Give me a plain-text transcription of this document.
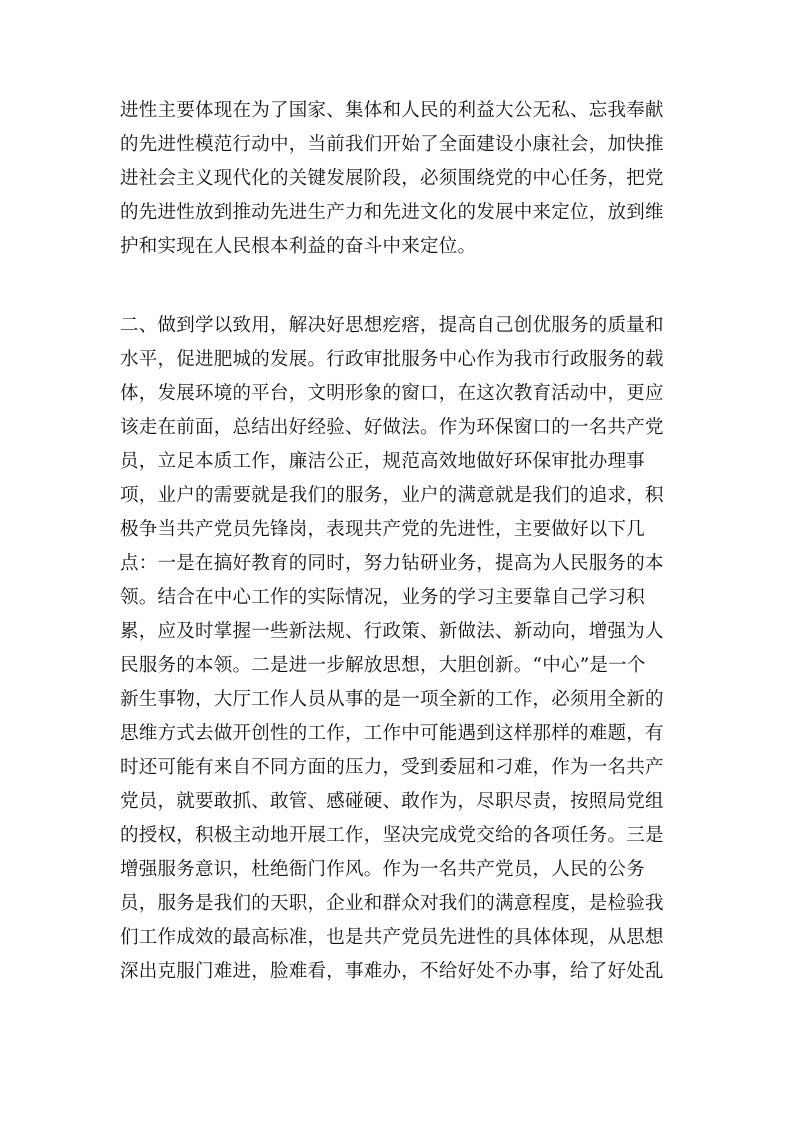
进性主要体现在为了国家、集体和人民的利益大公无私、忘我奉献
的先进性模范行动中，当前我们开始了全面建设小康社会，加快推
进社会主义现代化的关键发展阶段，必须围绕党的中心任务，把党
的先进性放到推动先进生产力和先进文化的发展中来定位，放到维
护和实现在人民根本利益的奋斗中来定位。
二、做到学以致用，解决好思想疙瘩，提高自己创优服务的质量和
水平，促进肥城的发展。行政审批服务中心作为我市行政服务的载
体，发展环境的平台，文明形象的窗口，在这次教育活动中，更应
该走在前面，总结出好经验、好做法。作为环保窗口的一名共产党
员，立足本质工作，廉洁公正，规范高效地做好环保审批办理事
项，业户的需要就是我们的服务，业户的满意就是我们的追求，积
极争当共产党员先锋岗，表现共产党的先进性，主要做好以下几
点：一是在搞好教育的同时，努力钻研业务，提高为人民服务的本
领。结合在中心工作的实际情况，业务的学习主要靠自己学习积
累，应及时掌握一些新法规、行政策、新做法、新动向，增强为人
民服务的本领。二是进一步解放思想，大胆创新。“中心”是一个
新生事物，大厅工作人员从事的是一项全新的工作，必须用全新的
思维方式去做开创性的工作，工作中可能遇到这样那样的难题，有
时还可能有来自不同方面的压力，受到委屈和刁难，作为一名共产
党员，就要敢抓、敢管、感碰硬、敢作为，尽职尽责，按照局党组
的授权，积极主动地开展工作，坚决完成党交给的各项任务。三是
增强服务意识，杜绝衙门作风。作为一名共产党员，人民的公务
员，服务是我们的天职，企业和群众对我们的满意程度，是检验我
们工作成效的最高标准，也是共产党员先进性的具体体现，从思想
深出克服门难进，脸难看，事难办，不给好处不办事，给了好处乱
